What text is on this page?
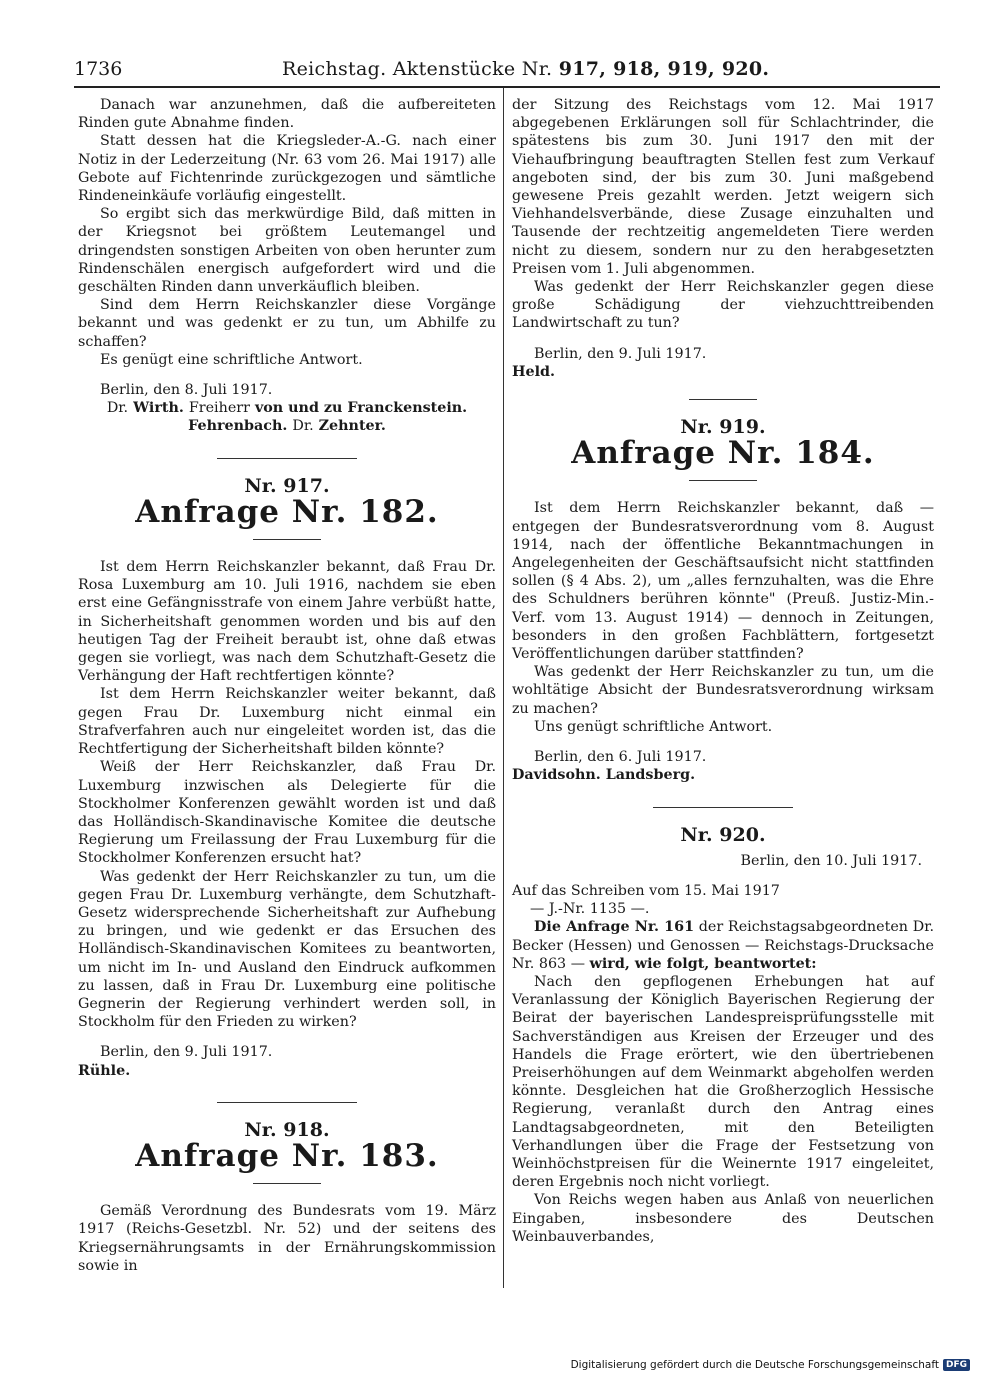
1736	Reichstag. Aktenstücke Nr. 917, 918, 919, 920.

Danach war anzunehmen, daß die aufbereiteten Rinden gute Abnahme finden.

Statt dessen hat die Kriegsleder-A.-G. nach einer Notiz in der Lederzeitung (Nr. 63 vom 26. Mai 1917) alle Gebote auf Fichtenrinde zurückgezogen und sämtliche Rindeneinkäufe vorläufig eingestellt.

So ergibt sich das merkwürdige Bild, daß mitten in der Kriegsnot bei größtem Leutemangel und dringendsten sonstigen Arbeiten von oben herunter zum Rindenschälen energisch aufgefordert wird und die geschälten Rinden dann unverkäuflich bleiben.

Sind dem Herrn Reichskanzler diese Vorgänge bekannt und was gedenkt er zu tun, um Abhilfe zu schaffen?

Es genügt eine schriftliche Antwort.

Berlin, den 8. Juli 1917.

Dr. Wirth. Freiherr von und zu Franckenstein.
Fehrenbach. Dr. Zehnter.

Nr. 917.
Anfrage Nr. 182.

Ist dem Herrn Reichskanzler bekannt, daß Frau Dr. Rosa Luxemburg am 10. Juli 1916, nachdem sie eben erst eine Gefängnisstrafe von einem Jahre verbüßt hatte, in Sicherheitshaft genommen worden und bis auf den heutigen Tag der Freiheit beraubt ist, ohne daß etwas gegen sie vorliegt, was nach dem Schutzhaft-Gesetz die Verhängung der Haft rechtfertigen könnte?

Ist dem Herrn Reichskanzler weiter bekannt, daß gegen Frau Dr. Luxemburg nicht einmal ein Strafverfahren auch nur eingeleitet worden ist, das die Rechtfertigung der Sicherheitshaft bilden könnte?

Weiß der Herr Reichskanzler, daß Frau Dr. Luxemburg inzwischen als Delegierte für die Stockholmer Konferenzen gewählt worden ist und daß das Holländisch-Skandinavische Komitee die deutsche Regierung um Freilassung der Frau Luxemburg für die Stockholmer Konferenzen ersucht hat?

Was gedenkt der Herr Reichskanzler zu tun, um die gegen Frau Dr. Luxemburg verhängte, dem Schutzhaft-Gesetz widersprechende Sicherheitshaft zur Aufhebung zu bringen, und wie gedenkt er das Ersuchen des Holländisch-Skandinavischen Komitees zu beantworten, um nicht im In- und Ausland den Eindruck aufkommen zu lassen, daß in Frau Dr. Luxemburg eine politische Gegnerin der Regierung verhindert werden soll, in Stockholm für den Frieden zu wirken?

Berlin, den 9. Juli 1917.

Rühle.

Nr. 918.
Anfrage Nr. 183.

Gemäß Verordnung des Bundesrats vom 19. März 1917 (Reichs-Gesetzbl. Nr. 52) und der seitens des Kriegsernährungsamts in der Ernährungskommission sowie in

der Sitzung des Reichstags vom 12. Mai 1917 abgegebenen Erklärungen soll für Schlachtrinder, die spätestens bis zum 30. Juni 1917 den mit der Viehaufbringung beauftragten Stellen fest zum Verkauf angeboten sind, der bis zum 30. Juni maßgebend gewesene Preis gezahlt werden. Jetzt weigern sich Viehhandelsverbände, diese Zusage einzuhalten und Tausende der rechtzeitig angemeldeten Tiere werden nicht zu diesem, sondern nur zu den herabgesetzten Preisen vom 1. Juli abgenommen.

Was gedenkt der Herr Reichskanzler gegen diese große Schädigung der viehzuchttreibenden Landwirtschaft zu tun?

Berlin, den 9. Juli 1917.

Held.

Nr. 919.
Anfrage Nr. 184.

Ist dem Herrn Reichskanzler bekannt, daß — entgegen der Bundesratsverordnung vom 8. August 1914, nach der öffentliche Bekanntmachungen in Angelegenheiten der Geschäftsaufsicht nicht stattfinden sollen (§ 4 Abs. 2), um „alles fernzuhalten, was die Ehre des Schuldners berühren könnte" (Preuß. Justiz-Min.-Verf. vom 13. August 1914) — dennoch in Zeitungen, besonders in den großen Fachblättern, fortgesetzt Veröffentlichungen darüber stattfinden?

Was gedenkt der Herr Reichskanzler zu tun, um die wohltätige Absicht der Bundesratsverordnung wirksam zu machen?

Uns genügt schriftliche Antwort.

Berlin, den 6. Juli 1917.

Davidsohn. Landsberg.

Nr. 920.

Berlin, den 10. Juli 1917.

Auf das Schreiben vom 15. Mai 1917

— J.-Nr. 1135 —.

Die Anfrage Nr. 161 der Reichstagsabgeordneten Dr. Becker (Hessen) und Genossen — Reichstags-Drucksache Nr. 863 — wird, wie folgt, beantwortet:

Nach den gepflogenen Erhebungen hat auf Veranlassung der Königlich Bayerischen Regierung der Beirat der bayerischen Landespreisprüfungsstelle mit Sachverständigen aus Kreisen der Erzeuger und des Handels die Frage erörtert, wie den übertriebenen Preiserhöhungen auf dem Weinmarkt abgeholfen werden könnte. Desgleichen hat die Großherzoglich Hessische Regierung, veranlaßt durch den Antrag eines Landtagsabgeordneten, mit den Beteiligten Verhandlungen über die Frage der Festsetzung von Weinhöchstpreisen für die Weinernte 1917 eingeleitet, deren Ergebnis noch nicht vorliegt.

Von Reichs wegen haben aus Anlaß von neuerlichen Eingaben, insbesondere des Deutschen Weinbauverbandes,

Digitalisierung gefördert durch die Deutsche Forschungsgemeinschaft DFG
